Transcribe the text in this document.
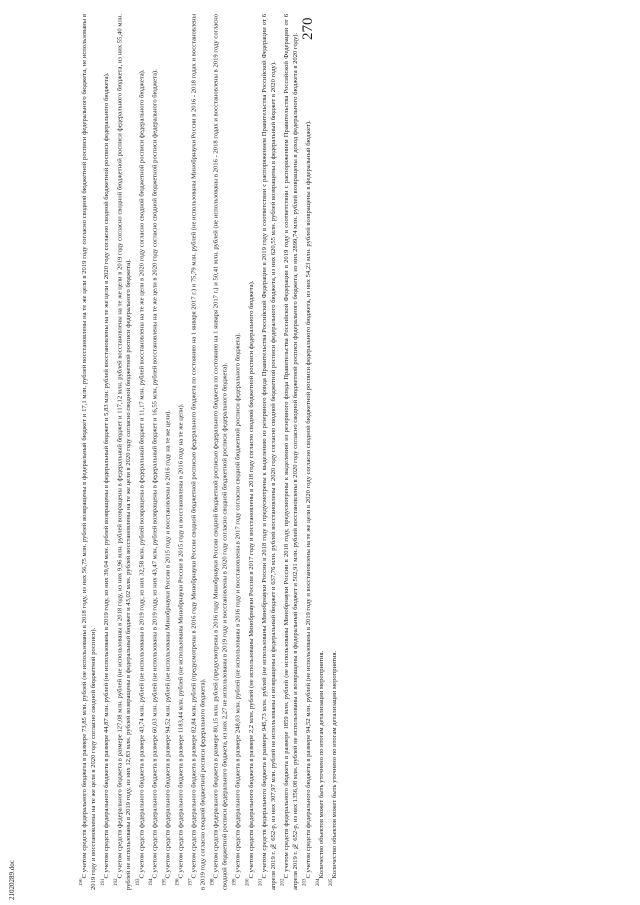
270

$^{190}$С учетом средств федерального бюджета в размере 73,85 млн. рублей (не использованы в 2018 году, из них 56,75 млн. рублей возвращены в федеральный бюджет и 17,1 млн. рублей восстановлены на те же цели в 2019 году согласно сводной бюджетной росписи федерального бюджета, не использованы в 2019 году и восстановлены на те же цели в 2020 году согласно сводной бюджетной росписи). $^{191}$С учетом средств федерального бюджета в размере 44,87 млн. рублей (не использованы в 2019 году, из них 39,04 млн. рублей возвращены в федеральный бюджет и 5,83 млн. рублей восстановлены на те же цели в 2020 году согласно сводной бюджетной росписи федерального бюджета).

$^{192}$С учетом средств федерального бюджета в размере 127,08 млн. рублей (не использованы в 2018 году, из них 9,96 млн. рублей возвращены в федеральный бюджет и 117,12 млн. рублей восстановлены на те же цели в 2019 году согласно сводной бюджетной росписи федерального бюджета, из них 55,40 млн. рублей не использованы в 2019 году, из них 12,83 млн. рублей возвращены в федеральный бюджет и 43,02 млн. рублей восстановлены на те же цели в 2020 году согласно сводной бюджетной росписи федерального бюджета). $^{193}$С учетом средств федерального бюджета в размере 43,74 млн. рублей (не использованы в 2019 году, из них 32,58 млн. рублей возвращены в федеральный бюджет и 11,17 млн. рублей восстановлены на те же цели в 2020 году согласно сводной бюджетной росписи федерального бюджета).

$^{194}$С учетом средств федерального бюджета в размере 60,03 млн. рублей (не использованы в 2019 году, из них 43,47 млн. рублей возвращены в федеральный бюджет и 16,55 млн. рублей восстановлены на те же цели в 2020 году согласно сводной бюджетной росписи федерального бюджета).

$^{195}$С учетом средств федерального бюджета в размере 94,52 млн. рублей (не использованы Минобрнауки России в 2015 году и восстановлены в 2016 году на те же цели).

$^{196}$С учетом средств федерального бюджета в размере 1183,44 млн. рублей (не использованы Минобрнауки России в 2015 году и восстановлены в 2016 году на те же цели).

$^{197}$С учетом средств федерального бюджета в размере 82,84 млн. рублей (предусмотрены в 2016 году Минобрнауки России сводной бюджетной росписью федерального бюджета по состоянию на 1 января 2017 г.) и 75,79 млн. рублей (не использованы Минобрнауки России в 2016 - 2018 годах и восстановлены в 2019 году согласно сводной бюджетной росписи федерального бюджета). $^{198}$С учетом средств федерального бюджета в размере 80,15 млн. рублей (предусмотрены в 2016 году Минобрнауки России сводной бюджетной росписью федерального бюджета по состоянию на 1 января 2017 г.) и 50,41 млн. рублей (не использованы в 2016 - 2018 годах и восстановлены в 2019 году согласно сводной бюджетной росписи федерального бюджета, из них 2,27 не использованы в 2019 году и восстановлены в 2020 году согласно сводной бюджетной росписи федерального бюджета). $^{199}$С учетом средств федерального бюджета в размере 248,03 млн. рублей (не использованы в 2016 году и восстановлены в 2017 году согласно сводной бюджетной росписи федерального бюджета).

$^{200}$С учетом средств федерального бюджета в размере 2,2 млн. рублей (не использованы Минобрнауки России в 2017 году и восстановлены в 2018 году согласно сводной бюджетной росписи федерального бюджета).

$^{201}$С учетом средств федерального бюджета в размере 945,73 млн. рублей (не использованы Минобрнауки России в 2018 году и предусмотрены к выделению из резервного фонда Правительства Российской Федерации в 2019 году в соответствии с распоряжением Правительства Российской Федерации от 6 апреля 2019 г. № 652-р, из них 307,97 млн. рублей не использованы и возвращены в федеральный бюджет и 637,76 млн. рублей восстановлены в 2020 году согласно сводной бюджетной росписи федерального бюджета, из них 620,55 млн. рублей возвращены в федеральный бюджет в 2020 году). $^{202}$С учетом средств федерального бюджета в размере 1859 млн. рублей (не использованы Минобрнауки России в 2018 году, предусмотрены к выделению из резервного фонда Правительства Российской Федерации в 2019 году в соответствии с распоряжением Правительства Российской Федерации от 6 апреля 2019 г. № 652-р, из них 1356,08 млн. рублей не использованы и возвращены в федеральный бюджет и 502,91 млн. рублей восстановлены в 2020 году согласно сводной бюджетной росписи федерального бюджета, из них 2899,74 млн. рублей возвращены в доход федерального бюджета в 2020 году). $^{203}$С учетом средств федерального бюджета в размере 94,52 млн. рублей (не использованы в 2019 году и восстановлены на те же цели в 2020 году согласно сводной бюджетной росписи федерального бюджета, из них 54,23 млн. рублей возвращены в федеральный бюджет).

$^{204}$Количество объектов может быть уточнено по итогам детализации мероприятия.

$^{205}$Количество объектов может быть уточнено по итогам детализации мероприятия.

21020289.doc
